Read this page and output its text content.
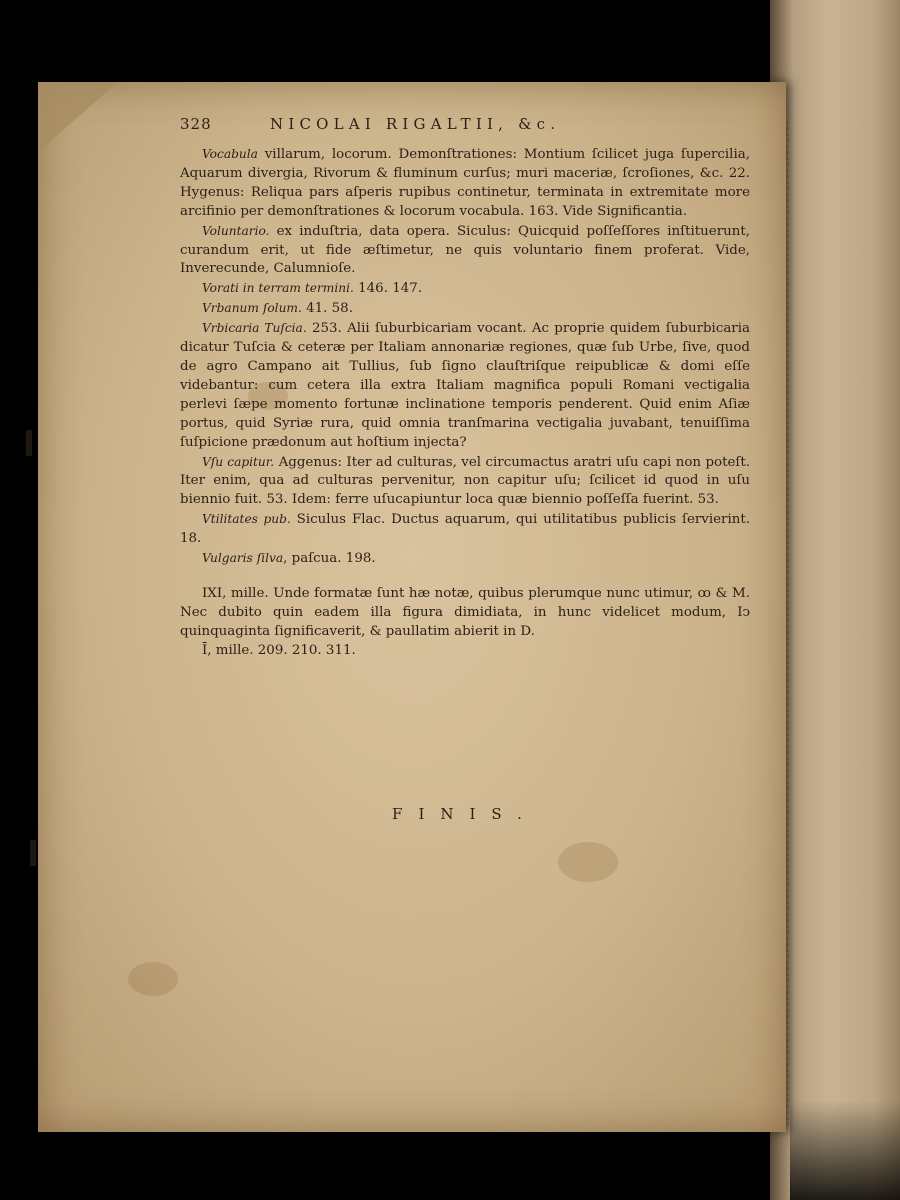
328	NICOLAI RIGALTII, &c.

Vocabula villarum, locorum. Demonſtrationes: Montium ſcilicet juga ſupercilia, Aquarum divergia, Rivorum & fluminum curſus; muri maceriæ, ſcroſiones, &c. 22. Hygenus: Reliqua pars aſperis rupibus continetur, terminata in extremitate more arcifinio per demonſtrationes & locorum vocabula. 163. Vide Significantia.

Voluntario. ex induſtria, data opera. Siculus: Quicquid poſſeſſores inſtituerunt, curandum erit, ut fide æſtimetur, ne quis voluntario finem proferat. Vide, Inverecunde, Calumnioſe.

Vorati in terram termini. 146. 147.

Vrbanum ſolum. 41. 58.

Vrbicaria Tuſcia. 253. Alii ſuburbicariam vocant. Ac proprie quidem ſuburbicaria dicatur Tuſcia & ceteræ per Italiam annonariæ regiones, quæ ſub Urbe, ſive, quod de agro Campano ait Tullius, ſub ſigno clauſtriſque reipublicæ & domi eſſe videbantur: cum cetera illa extra Italiam magnifica populi Romani vectigalia perlevi ſæpe momento fortunæ inclinatione temporis penderent. Quid enim Aſiæ portus, quid Syriæ rura, quid omnia tranſmarina vectigalia juvabant, tenuiſſima ſuſpicione prædonum aut hoſtium injecta?

Vſu capitur. Aggenus: Iter ad culturas, vel circumactus aratri uſu capi non poteſt. Iter enim, qua ad culturas pervenitur, non capitur uſu; ſcilicet id quod in uſu biennio fuit. 53. Idem: ferre uſucapiuntur loca quæ biennio poſſeſſa fuerint. 53.

Vtilitates pub. Siculus Flac. Ductus aquarum, qui utilitatibus publicis ſervierint. 18.

Vulgaris ſilva, paſcua. 198.

IXI, mille. Unde formatæ ſunt hæ notæ, quibus plerumque nunc utimur, ꝏ & M. Nec dubito quin eadem illa figura dimidiata, in hunc videlicet modum, Iↄ quinquaginta ſignificaverit, & paullatim abierit in D.

Ī, mille. 209. 210. 311.

FINIS.
